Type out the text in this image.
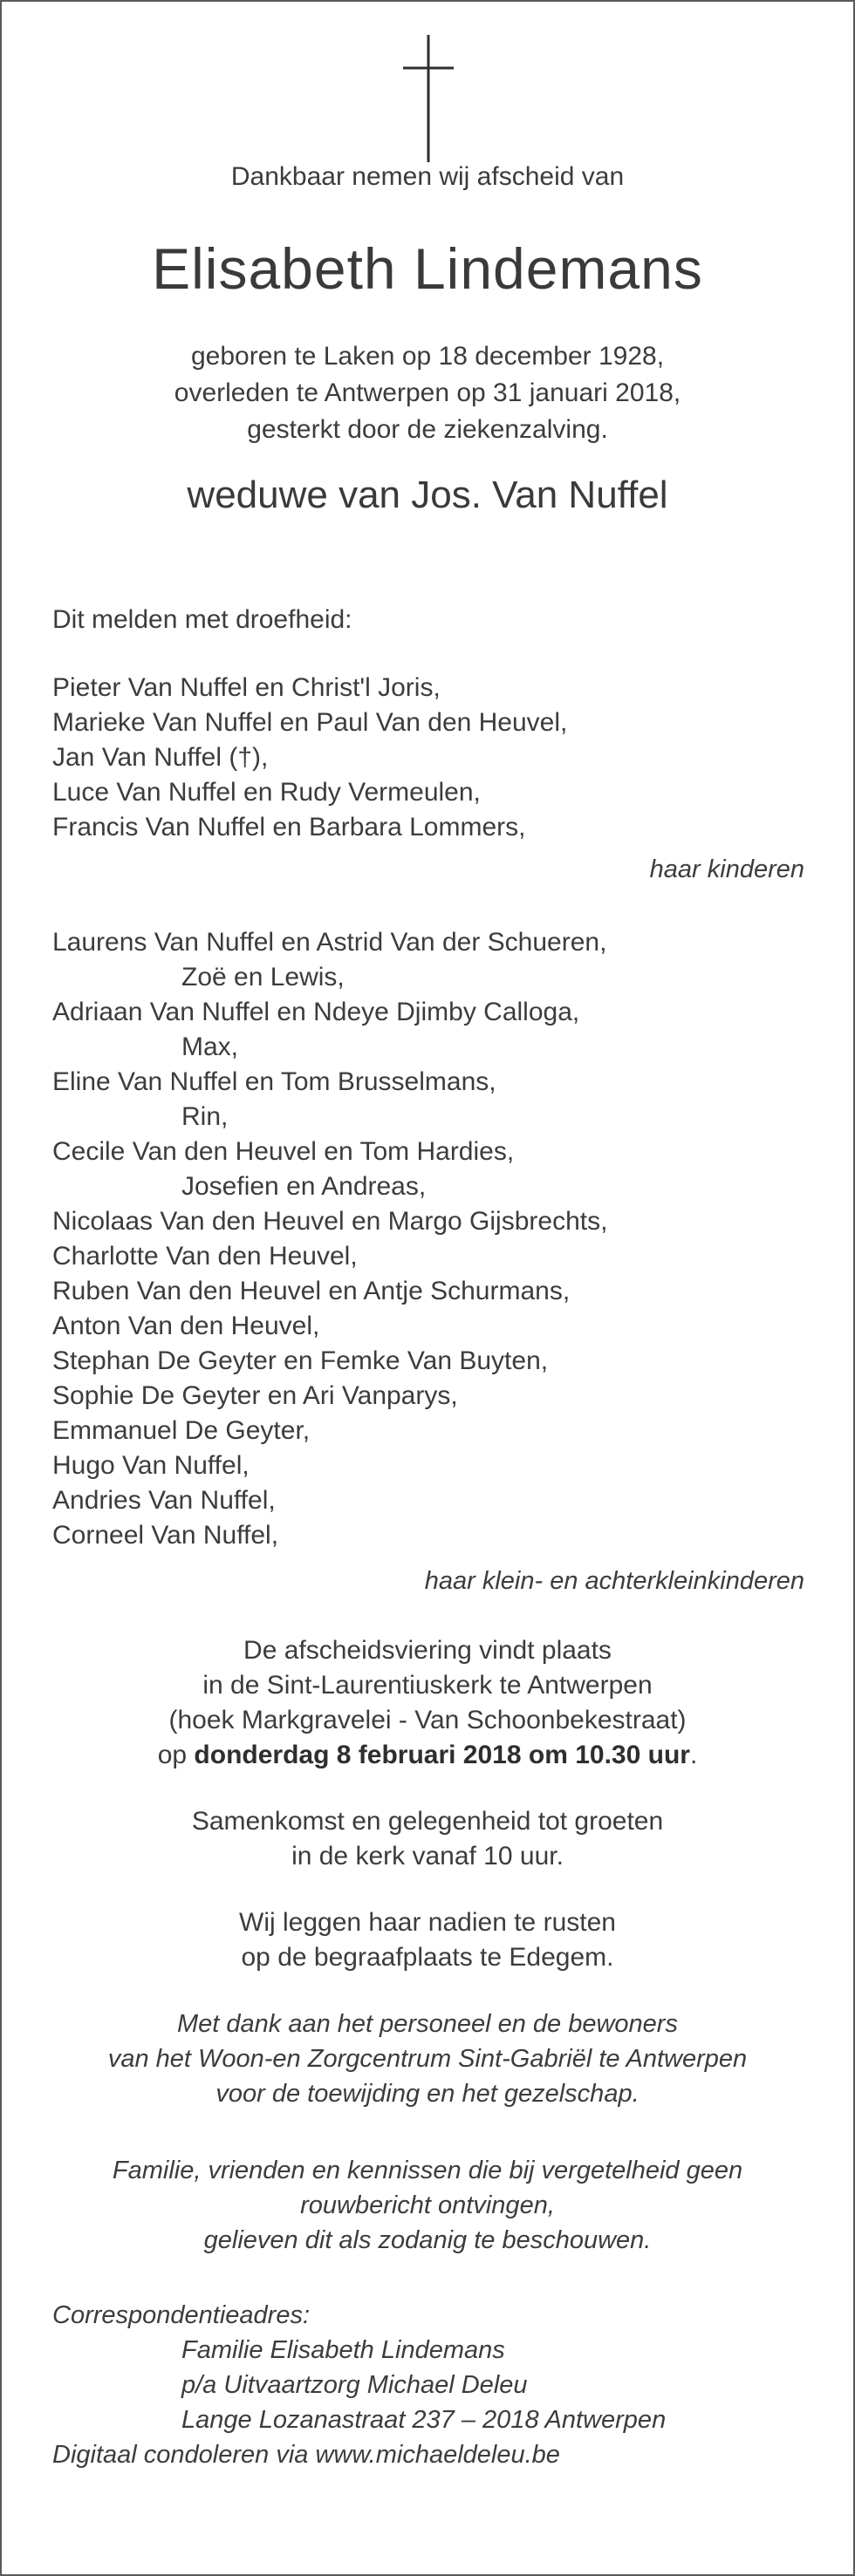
Dankbaar nemen wij afscheid van
Elisabeth Lindemans
geboren te Laken op 18 december 1928,
overleden te Antwerpen op 31 januari 2018,
gesterkt door de ziekenzalving.
weduwe van Jos. Van Nuffel
Dit melden met droefheid:
Pieter Van Nuffel en Christ'l Joris,
Marieke Van Nuffel en Paul Van den Heuvel,
Jan Van Nuffel (†),
Luce Van Nuffel en Rudy Vermeulen,
Francis Van Nuffel en Barbara Lommers,
haar kinderen
Laurens Van Nuffel en Astrid Van der Schueren,
Zoë en Lewis,
Adriaan Van Nuffel en Ndeye Djimby Calloga,
Max,
Eline Van Nuffel en Tom Brusselmans,
Rin,
Cecile Van den Heuvel en Tom Hardies,
Josefien en Andreas,
Nicolaas Van den Heuvel en Margo Gijsbrechts,
Charlotte Van den Heuvel,
Ruben Van den Heuvel en Antje Schurmans,
Anton Van den Heuvel,
Stephan De Geyter en Femke Van Buyten,
Sophie De Geyter en Ari Vanparys,
Emmanuel De Geyter,
Hugo Van Nuffel,
Andries Van Nuffel,
Corneel Van Nuffel,
haar klein- en achterkleinkinderen
De afscheidsviering vindt plaats
in de Sint-Laurentiuskerk te Antwerpen
(hoek Markgravelei - Van Schoonbekestraat)
op donderdag 8 februari 2018 om 10.30 uur.
Samenkomst en gelegenheid tot groeten
in de kerk vanaf 10 uur.
Wij leggen haar nadien te rusten
op de begraafplaats te Edegem.
Met dank aan het personeel en de bewoners
van het Woon-en Zorgcentrum Sint-Gabriël te Antwerpen
voor de toewijding en het gezelschap.
Familie, vrienden en kennissen die bij vergetelheid geen
rouwbericht ontvingen,
gelieven dit als zodanig te beschouwen.
Correspondentieadres:
Familie Elisabeth Lindemans
p/a Uitvaartzorg Michael Deleu
Lange Lozanastraat 237 – 2018 Antwerpen
Digitaal condoleren via www.michaeldeleu.be
